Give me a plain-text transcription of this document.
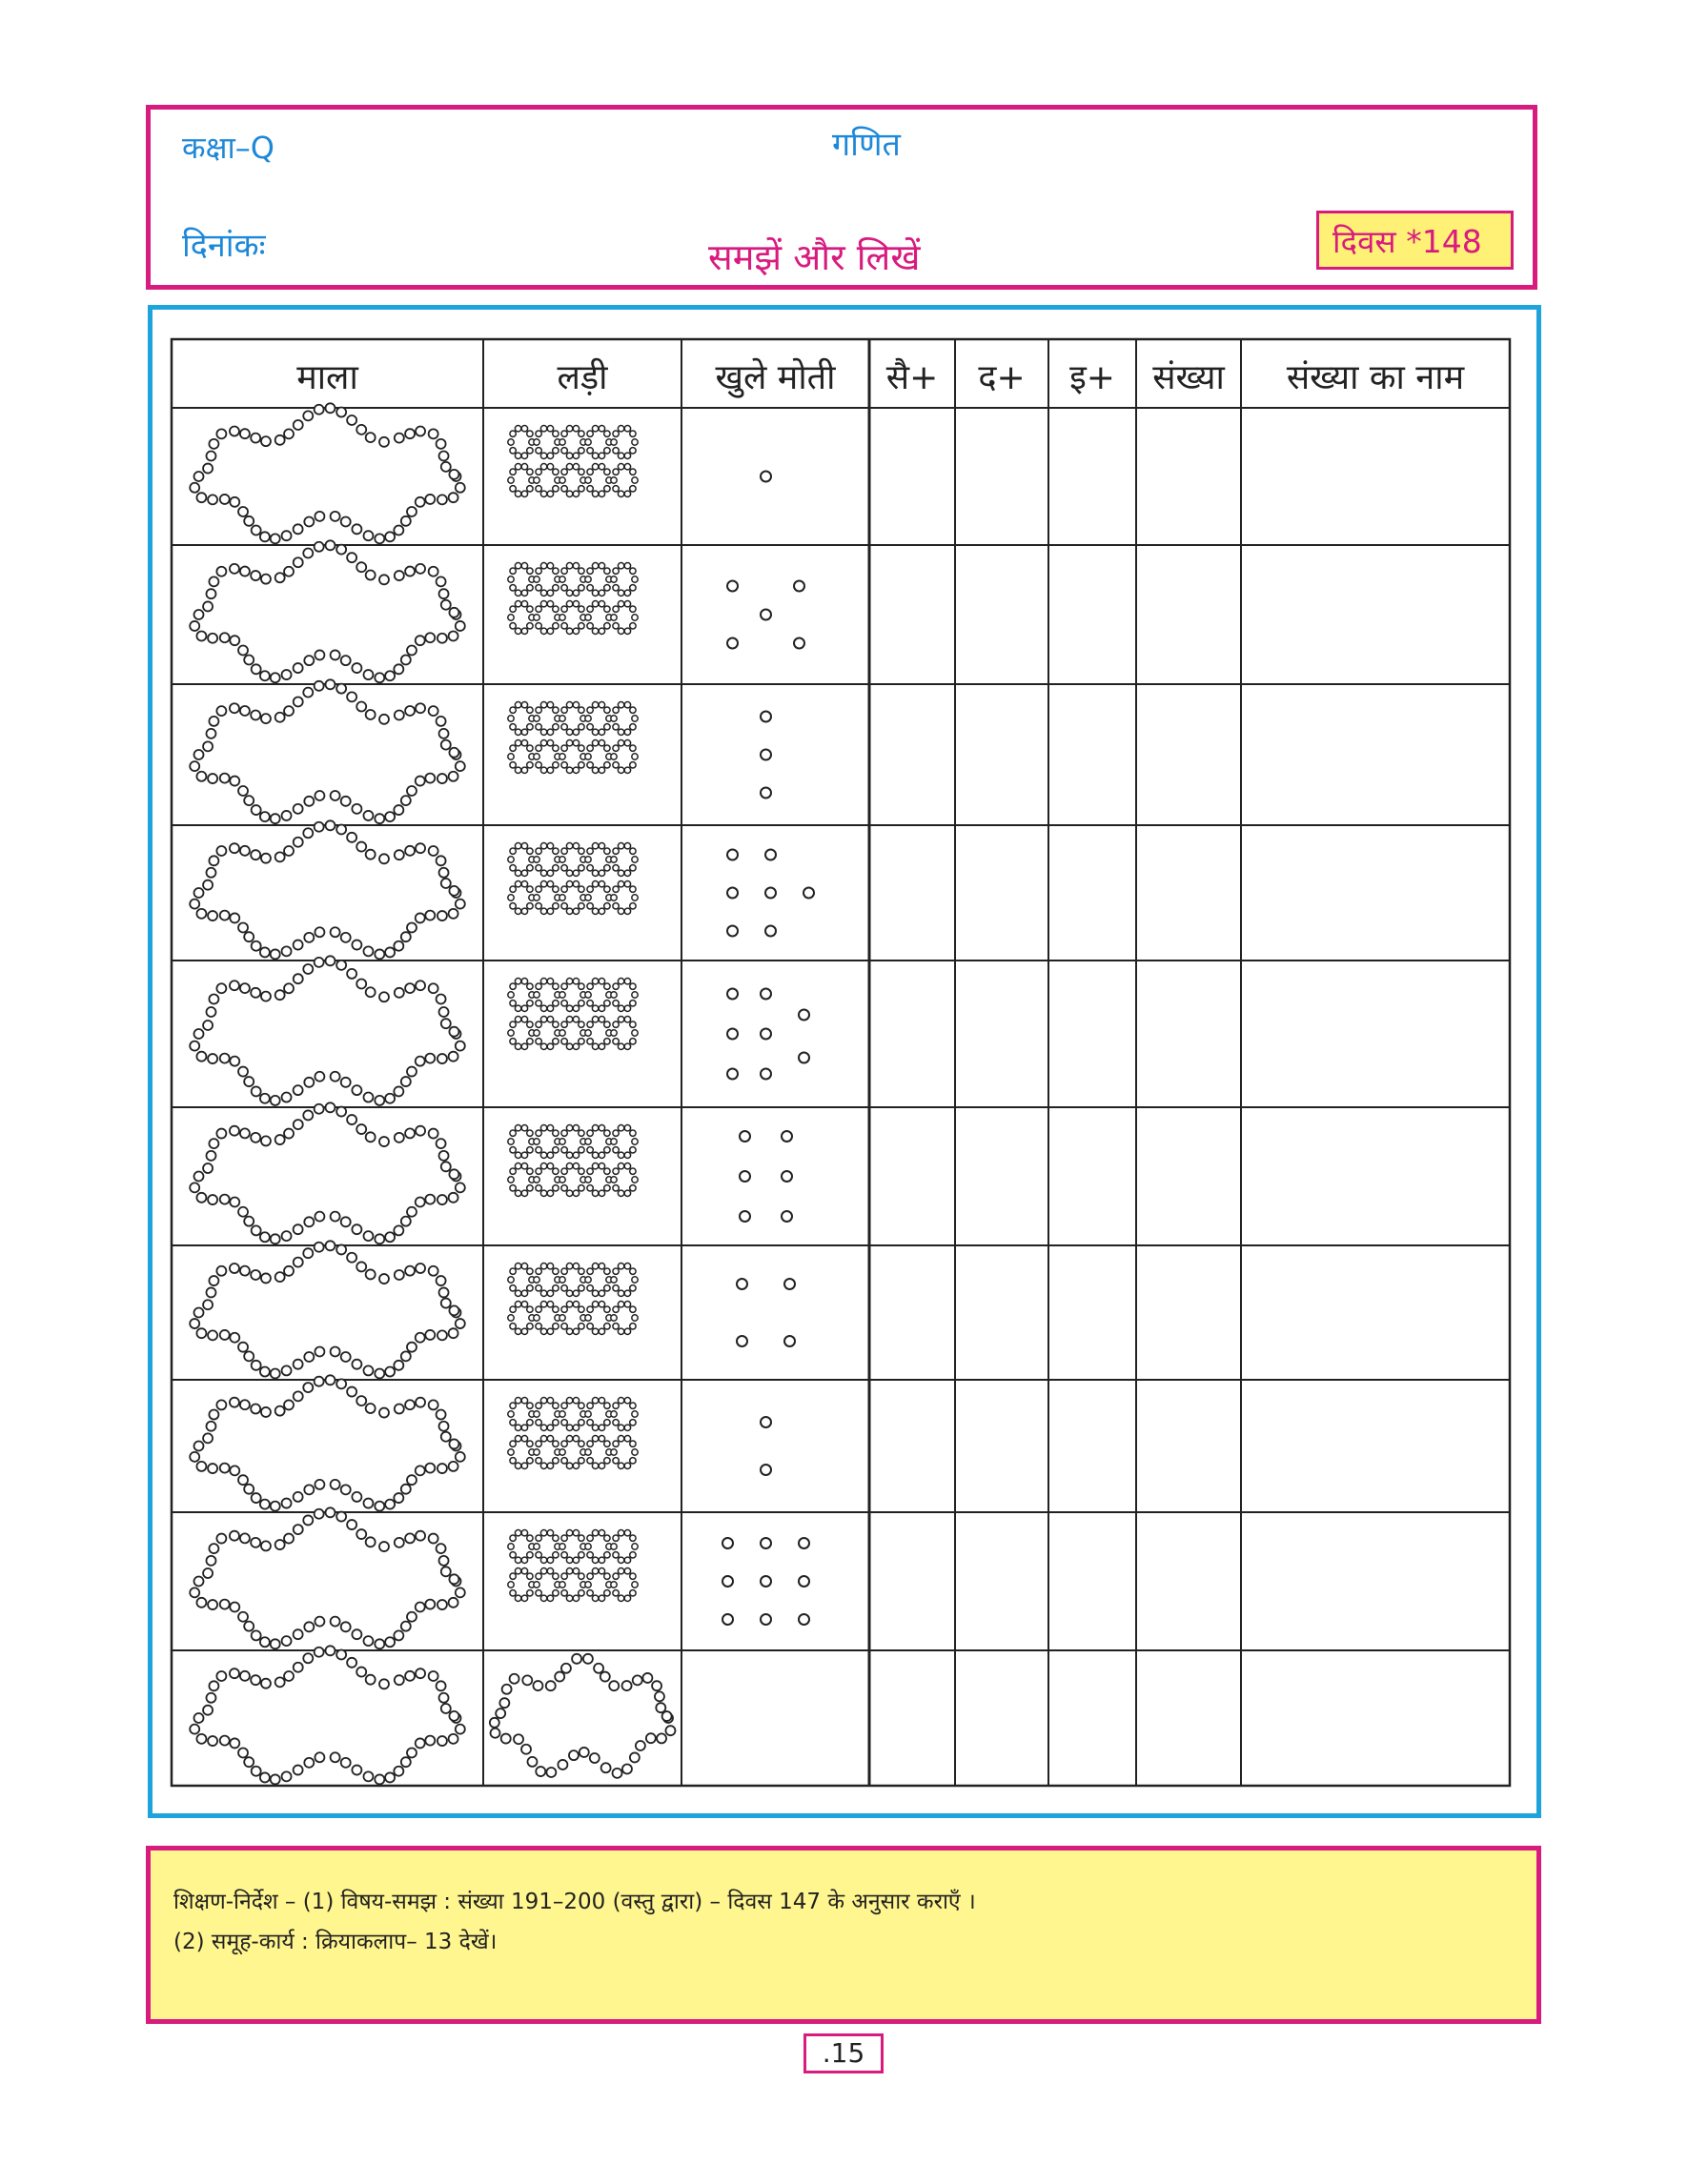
कक्षा–Q	गणित
दिनांकः	समझें और लिखें	दिवस *148
माला	लड़ी	खुले मोती	सै+	द+	इ+	संख्या	संख्या का नाम
शिक्षण-निर्देश – (1) विषय-समझ : संख्या 191–200 (वस्तु द्वारा) – दिवस 147 के अनुसार कराएँ ।
(2) समूह-कार्य : क्रियाकलाप– 13 देखें।
.15
